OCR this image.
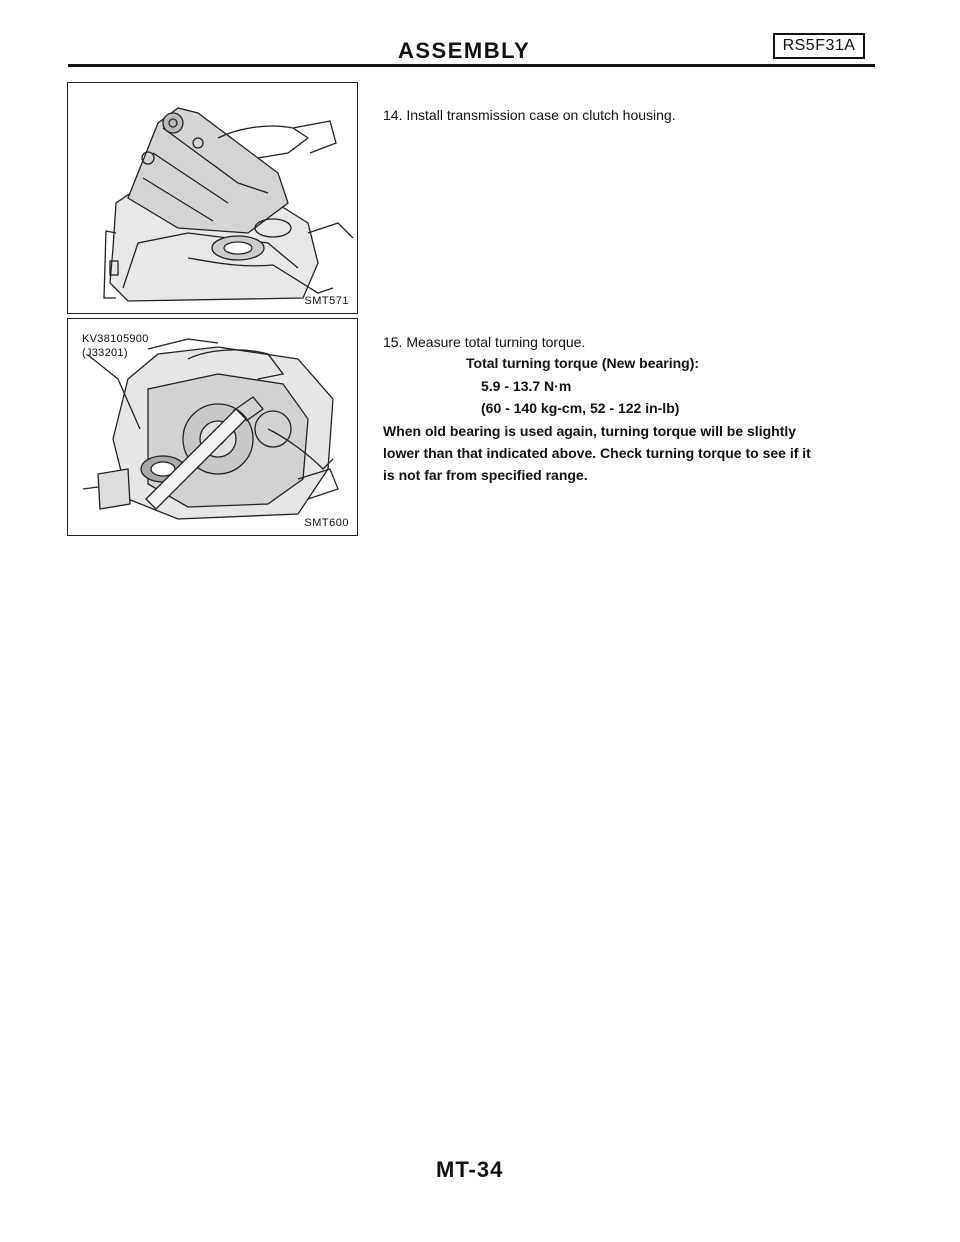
ASSEMBLY	RS5F31A
SMT571
KV38105900
(J33201)
SMT600
14. Install transmission case on clutch housing.
15. Measure total turning torque.
Total turning torque (New bearing):
5.9 - 13.7 N·m
(60 - 140 kg-cm, 52 - 122 in-lb)
When old bearing is used again, turning torque will be slightly
lower than that indicated above. Check turning torque to see if it
is not far from specified range.
MT-34
